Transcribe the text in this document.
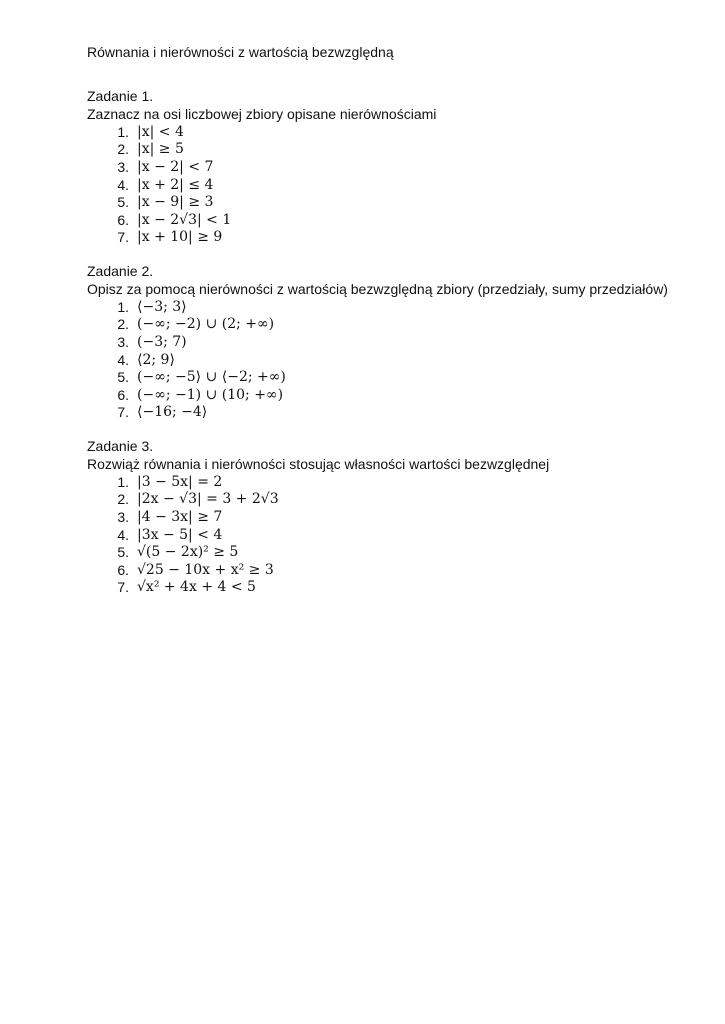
Równania i nierówności z wartością bezwzględną
Zadanie 1.
Zaznacz na osi liczbowej zbiory opisane nierównościami
1. |x| < 4
2. |x| ≥ 5
3. |x − 2| < 7
4. |x + 2| ≤ 4
5. |x − 9| ≥ 3
6. |x − 2√3| < 1
7. |x + 10| ≥ 9
Zadanie 2.
Opisz za pomocą nierówności z wartością bezwzględną zbiory (przedziały, sumy przedziałów)
1. ⟨−3; 3⟩
2. (−∞; −2) ∪ (2; +∞)
3. (−3; 7)
4. ⟨2; 9⟩
5. (−∞; −5⟩ ∪ ⟨−2; +∞)
6. (−∞; −1) ∪ (10; +∞)
7. ⟨−16; −4⟩
Zadanie 3.
Rozwiąż równania i nierówności stosując własności wartości bezwzględnej
1. |3 − 5x| = 2
2. |2x − √3| = 3 + 2√3
3. |4 − 3x| ≥ 7
4. |3x − 5| < 4
5. √(5 − 2x)² ≥ 5
6. √25 − 10x + x² ≥ 3
7. √x² + 4x + 4 < 5
